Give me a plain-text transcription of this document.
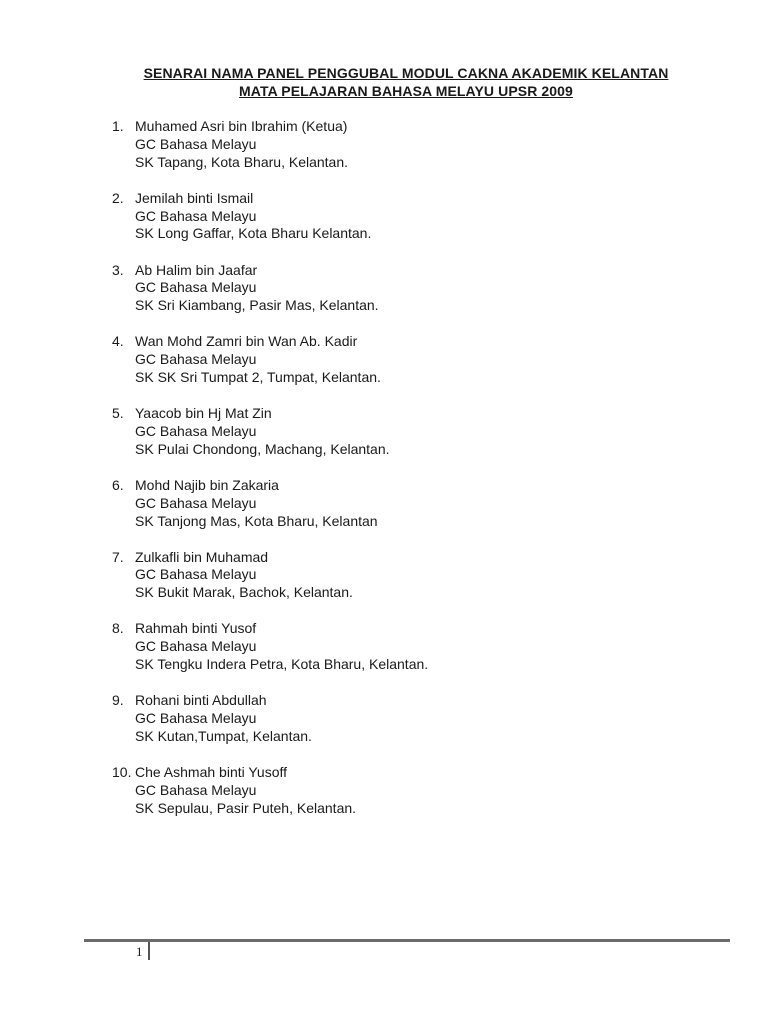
SENARAI NAMA PANEL PENGGUBAL MODUL CAKNA AKADEMIK KELANTAN
MATA PELAJARAN BAHASA MELAYU UPSR 2009
1. Muhamed Asri bin Ibrahim (Ketua)
GC Bahasa Melayu
SK Tapang, Kota Bharu, Kelantan.
2. Jemilah binti Ismail
GC Bahasa Melayu
SK Long Gaffar, Kota Bharu Kelantan.
3. Ab Halim bin Jaafar
GC Bahasa Melayu
SK Sri Kiambang, Pasir Mas, Kelantan.
4. Wan Mohd Zamri bin Wan Ab. Kadir
GC Bahasa Melayu
SK SK Sri Tumpat 2, Tumpat, Kelantan.
5. Yaacob bin Hj Mat Zin
GC Bahasa Melayu
SK Pulai Chondong, Machang, Kelantan.
6. Mohd Najib bin Zakaria
GC Bahasa Melayu
SK Tanjong Mas, Kota Bharu, Kelantan
7. Zulkafli bin Muhamad
GC Bahasa Melayu
SK Bukit Marak, Bachok, Kelantan.
8. Rahmah binti Yusof
GC Bahasa Melayu
SK Tengku Indera Petra, Kota Bharu, Kelantan.
9. Rohani binti Abdullah
GC Bahasa Melayu
SK Kutan,Tumpat, Kelantan.
10. Che Ashmah binti Yusoff
GC Bahasa Melayu
SK Sepulau, Pasir Puteh, Kelantan.
1
